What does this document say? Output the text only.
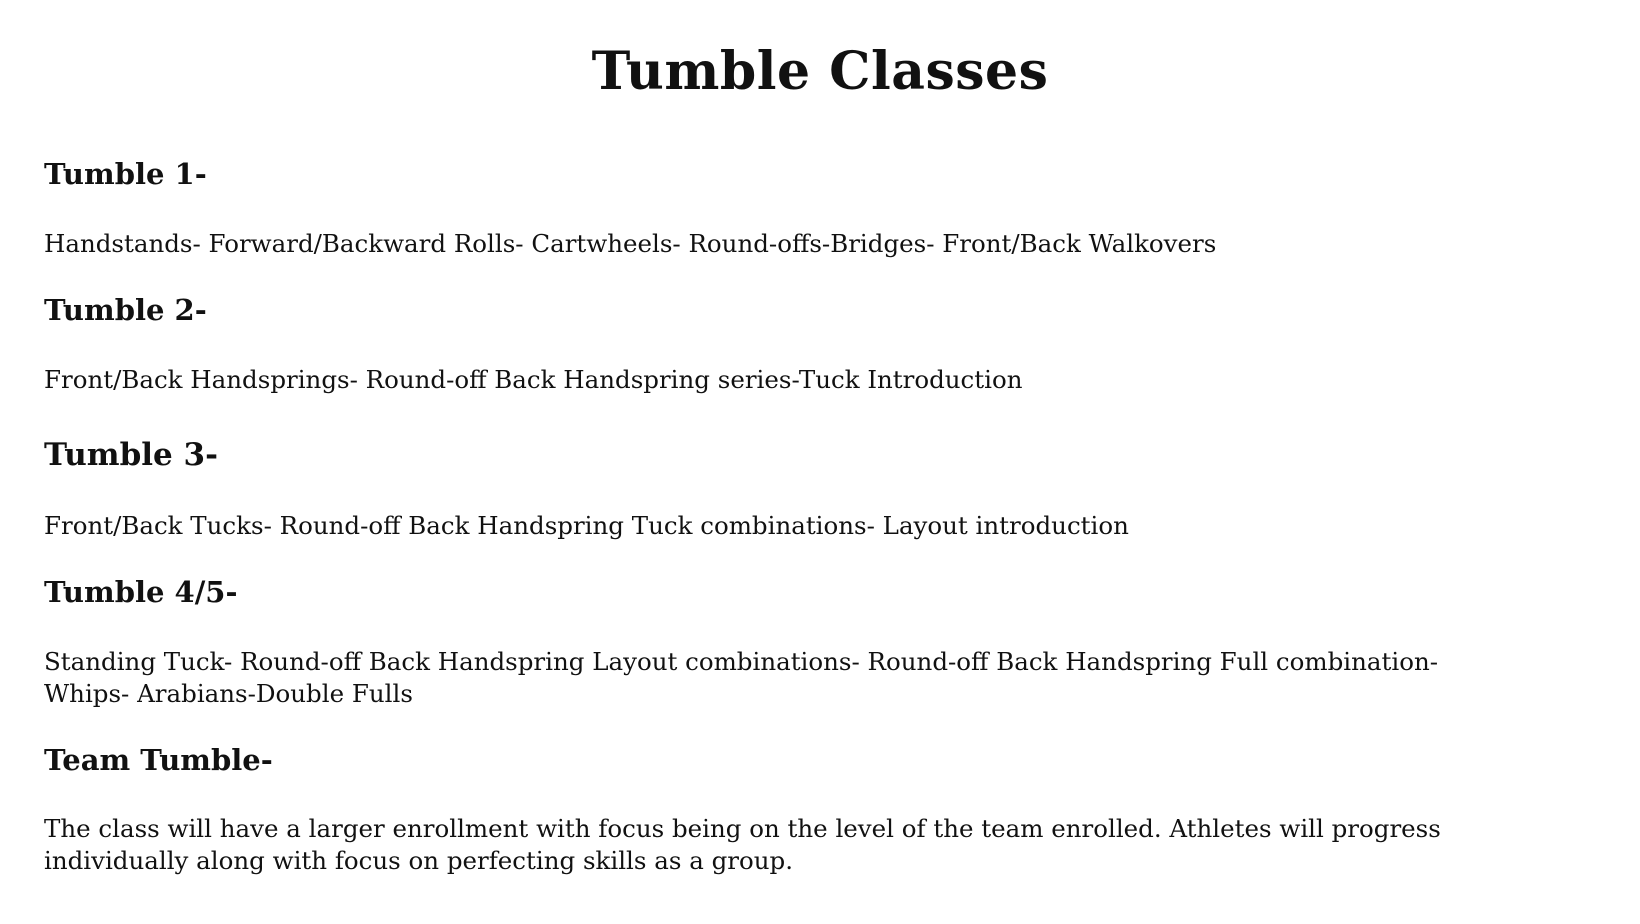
Tumble Classes
Tumble 1-

Handstands- Forward/Backward Rolls- Cartwheels- Round-offs-Bridges- Front/Back Walkovers

Tumble 2-

Front/Back Handsprings- Round-off Back Handspring series-Tuck Introduction

Tumble 3-

Front/Back Tucks- Round-off Back Handspring Tuck combinations- Layout introduction

Tumble 4/5-

Standing Tuck- Round-off Back Handspring Layout combinations- Round-off Back Handspring Full combination- Whips- Arabians-Double Fulls

Team Tumble-

The class will have a larger enrollment with focus being on the level of the team enrolled. Athletes will progress individually along with focus on perfecting skills as a group.
